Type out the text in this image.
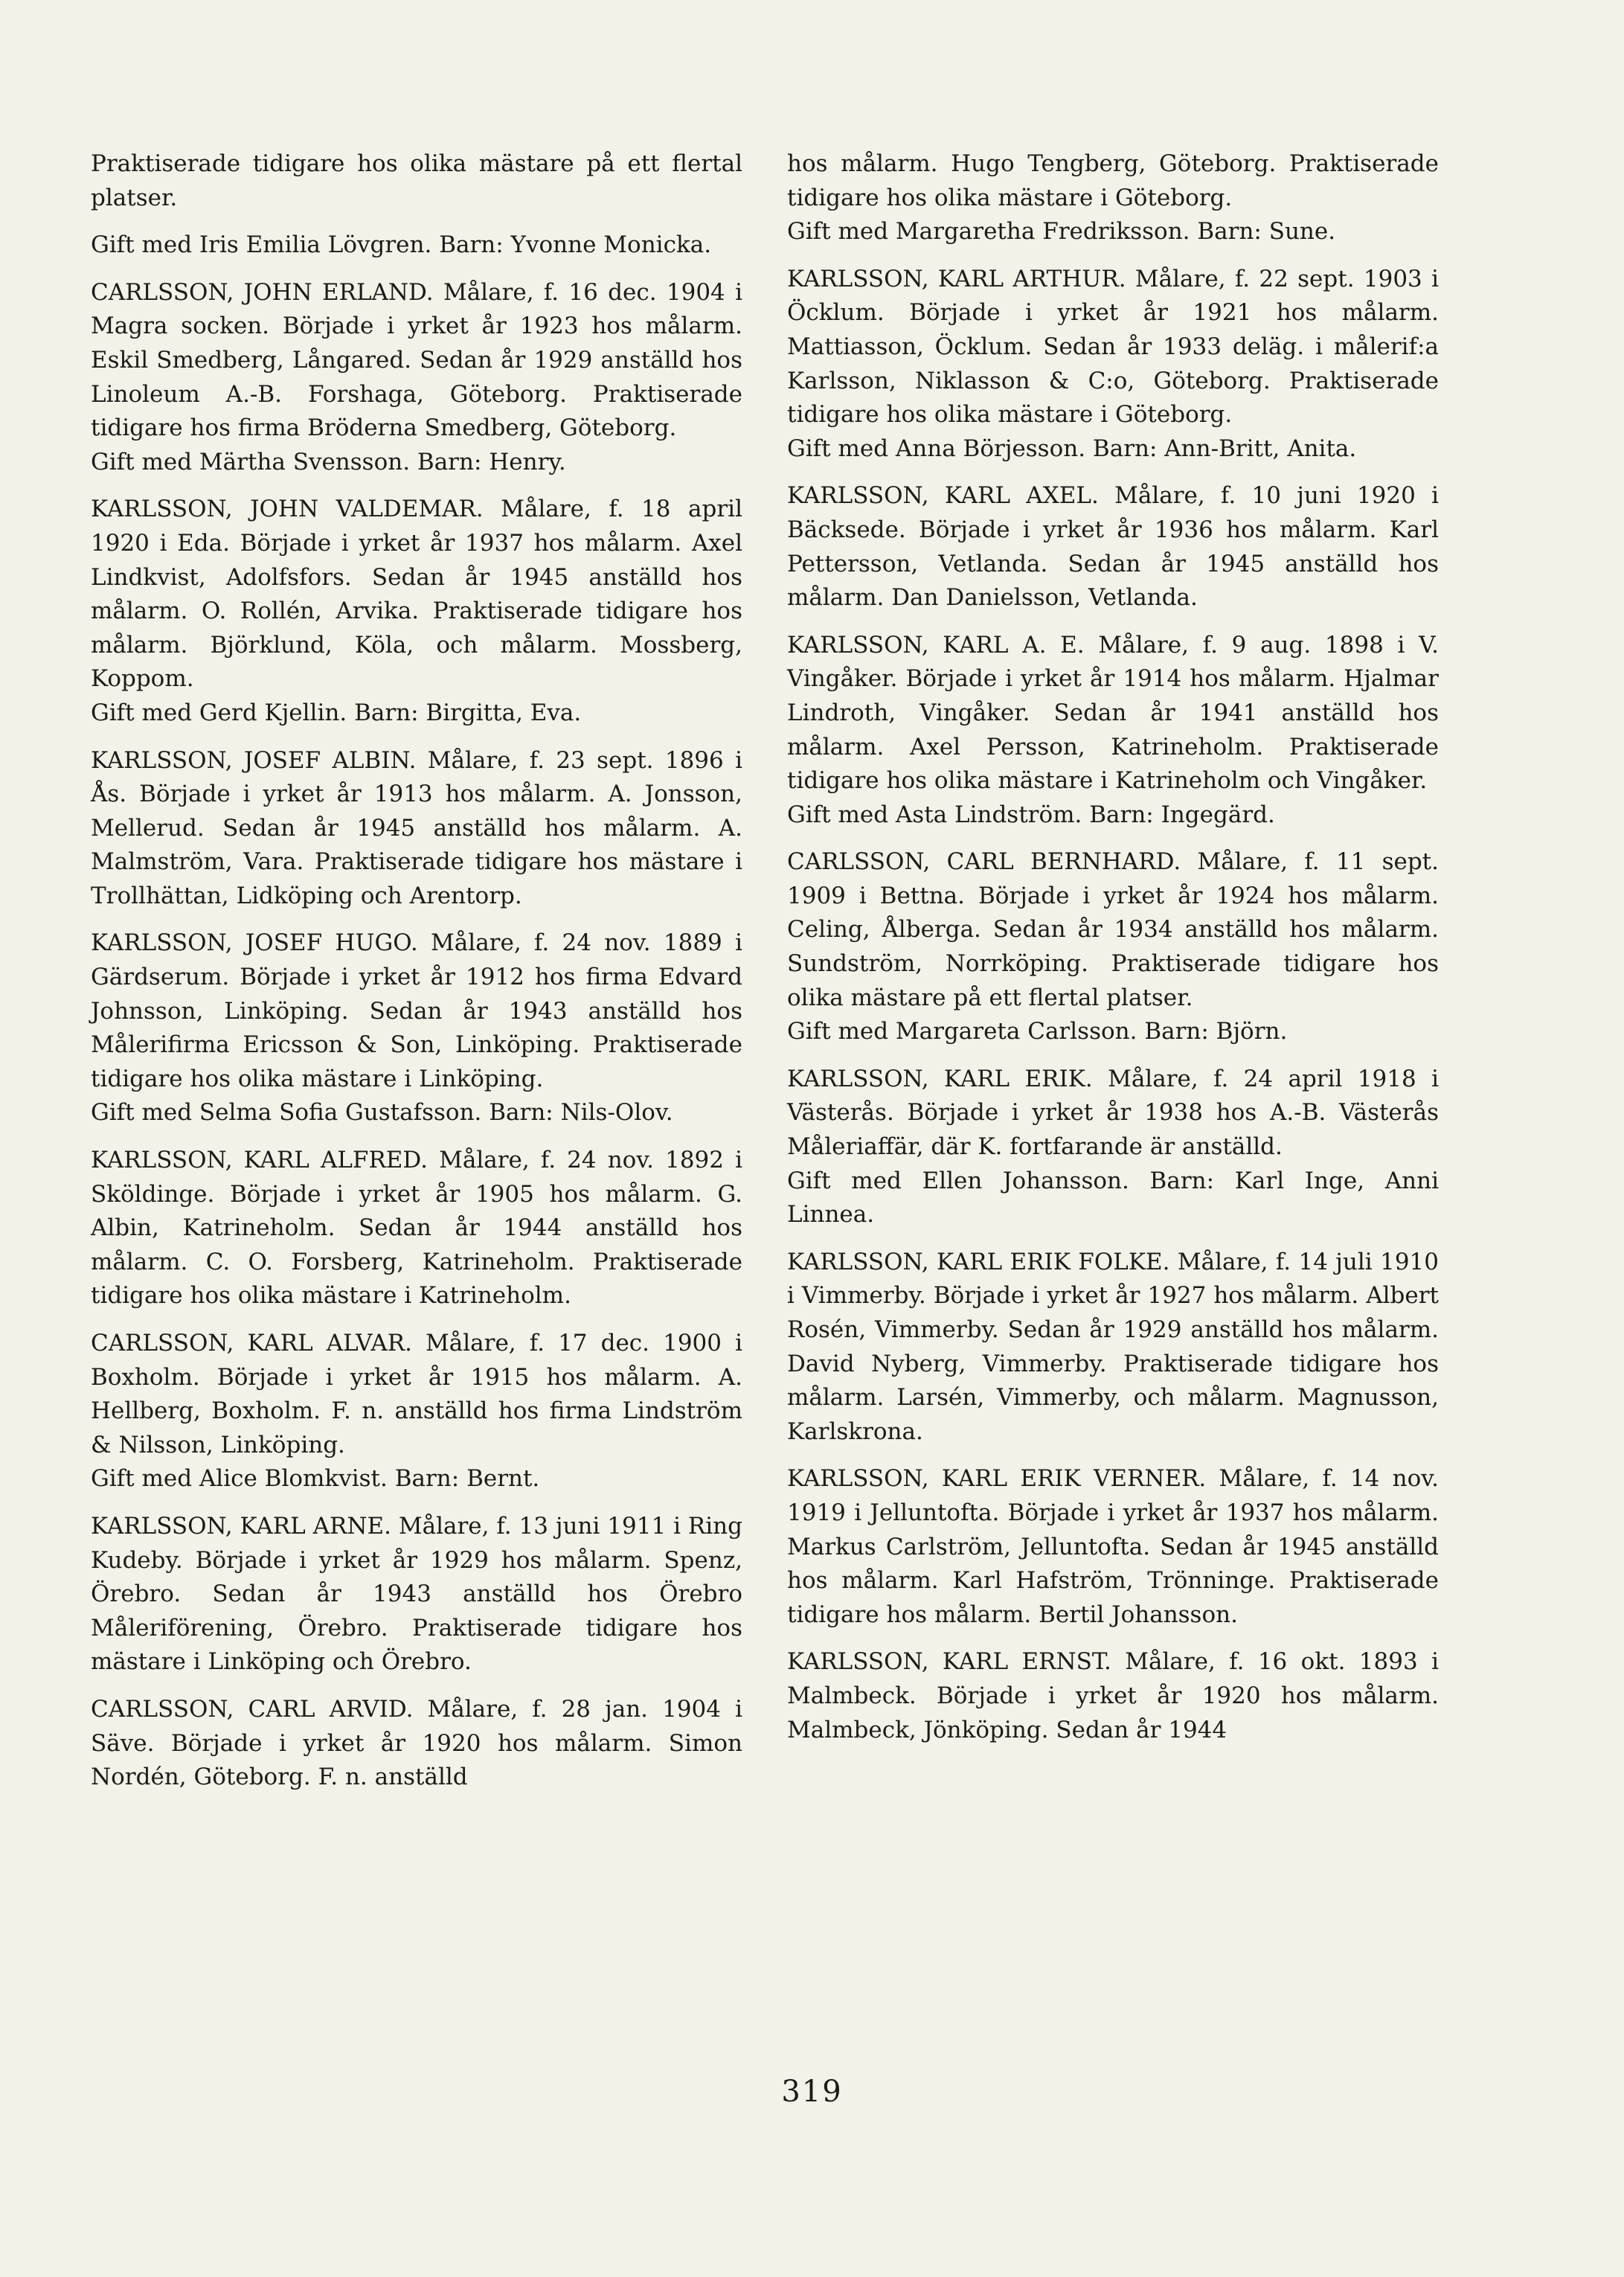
Praktiserade tidigare hos olika mästare på ett flertal platser.

Gift med Iris Emilia Lövgren. Barn: Yvonne Monicka.

CARLSSON, JOHN ERLAND. Målare, f. 16 dec. 1904 i Magra socken. Började i yrket år 1923 hos målarm. Eskil Smedberg, Långared. Sedan år 1929 anställd hos Linoleum A.-B. Forshaga, Göteborg. Praktiserade tidigare hos firma Bröderna Smedberg, Göteborg.

Gift med Märtha Svensson. Barn: Henry.

KARLSSON, JOHN VALDEMAR. Målare, f. 18 april 1920 i Eda. Började i yrket år 1937 hos målarm. Axel Lindkvist, Adolfsfors. Sedan år 1945 anställd hos målarm. O. Rollén, Arvika. Praktiserade tidigare hos målarm. Björklund, Köla, och målarm. Mossberg, Koppom.

Gift med Gerd Kjellin. Barn: Birgitta, Eva.

KARLSSON, JOSEF ALBIN. Målare, f. 23 sept. 1896 i Ås. Började i yrket år 1913 hos målarm. A. Jonsson, Mellerud. Sedan år 1945 anställd hos målarm. A. Malmström, Vara. Praktiserade tidigare hos mästare i Trollhättan, Lidköping och Arentorp.

KARLSSON, JOSEF HUGO. Målare, f. 24 nov. 1889 i Gärdserum. Började i yrket år 1912 hos firma Edvard Johnsson, Linköping. Sedan år 1943 anställd hos Målerifirma Ericsson & Son, Linköping. Praktiserade tidigare hos olika mästare i Linköping.

Gift med Selma Sofia Gustafsson. Barn: Nils-Olov.

KARLSSON, KARL ALFRED. Målare, f. 24 nov. 1892 i Sköldinge. Började i yrket år 1905 hos målarm. G. Albin, Katrineholm. Sedan år 1944 anställd hos målarm. C. O. Forsberg, Katrineholm. Praktiserade tidigare hos olika mästare i Katrineholm.

CARLSSON, KARL ALVAR. Målare, f. 17 dec. 1900 i Boxholm. Började i yrket år 1915 hos målarm. A. Hellberg, Boxholm. F. n. anställd hos firma Lindström & Nilsson, Linköping.

Gift med Alice Blomkvist. Barn: Bernt.

KARLSSON, KARL ARNE. Målare, f. 13 juni 1911 i Ring Kudeby. Började i yrket år 1929 hos målarm. Spenz, Örebro. Sedan år 1943 anställd hos Örebro Måleriförening, Örebro. Praktiserade tidigare hos mästare i Linköping och Örebro.

CARLSSON, CARL ARVID. Målare, f. 28 jan. 1904 i Säve. Började i yrket år 1920 hos målarm. Simon Nordén, Göteborg. F. n. anställd

hos målarm. Hugo Tengberg, Göteborg. Praktiserade tidigare hos olika mästare i Göteborg.

Gift med Margaretha Fredriksson. Barn: Sune.

KARLSSON, KARL ARTHUR. Målare, f. 22 sept. 1903 i Öcklum. Började i yrket år 1921 hos målarm. Mattiasson, Öcklum. Sedan år 1933 deläg. i målerif:a Karlsson, Niklasson & C:o, Göteborg. Praktiserade tidigare hos olika mästare i Göteborg.

Gift med Anna Börjesson. Barn: Ann-Britt, Anita.

KARLSSON, KARL AXEL. Målare, f. 10 juni 1920 i Bäcksede. Började i yrket år 1936 hos målarm. Karl Pettersson, Vetlanda. Sedan år 1945 anställd hos målarm. Dan Danielsson, Vetlanda.

KARLSSON, KARL A. E. Målare, f. 9 aug. 1898 i V. Vingåker. Började i yrket år 1914 hos målarm. Hjalmar Lindroth, Vingåker. Sedan år 1941 anställd hos målarm. Axel Persson, Katrineholm. Praktiserade tidigare hos olika mästare i Katrineholm och Vingåker.

Gift med Asta Lindström. Barn: Ingegärd.

CARLSSON, CARL BERNHARD. Målare, f. 11 sept. 1909 i Bettna. Började i yrket år 1924 hos målarm. Celing, Ålberga. Sedan år 1934 anställd hos målarm. Sundström, Norrköping. Praktiserade tidigare hos olika mästare på ett flertal platser.

Gift med Margareta Carlsson. Barn: Björn.

KARLSSON, KARL ERIK. Målare, f. 24 april 1918 i Västerås. Började i yrket år 1938 hos A.-B. Västerås Måleriaffär, där K. fortfarande är anställd.

Gift med Ellen Johansson. Barn: Karl Inge, Anni Linnea.

KARLSSON, KARL ERIK FOLKE. Målare, f. 14 juli 1910 i Vimmerby. Började i yrket år 1927 hos målarm. Albert Rosén, Vimmerby. Sedan år 1929 anställd hos målarm. David Nyberg, Vimmerby. Praktiserade tidigare hos målarm. Larsén, Vimmerby, och målarm. Magnusson, Karlskrona.

KARLSSON, KARL ERIK VERNER. Målare, f. 14 nov. 1919 i Jelluntofta. Började i yrket år 1937 hos målarm. Markus Carlström, Jelluntofta. Sedan år 1945 anställd hos målarm. Karl Hafström, Trönninge. Praktiserade tidigare hos målarm. Bertil Johansson.

KARLSSON, KARL ERNST. Målare, f. 16 okt. 1893 i Malmbeck. Började i yrket år 1920 hos målarm. Malmbeck, Jönköping. Sedan år 1944

319
